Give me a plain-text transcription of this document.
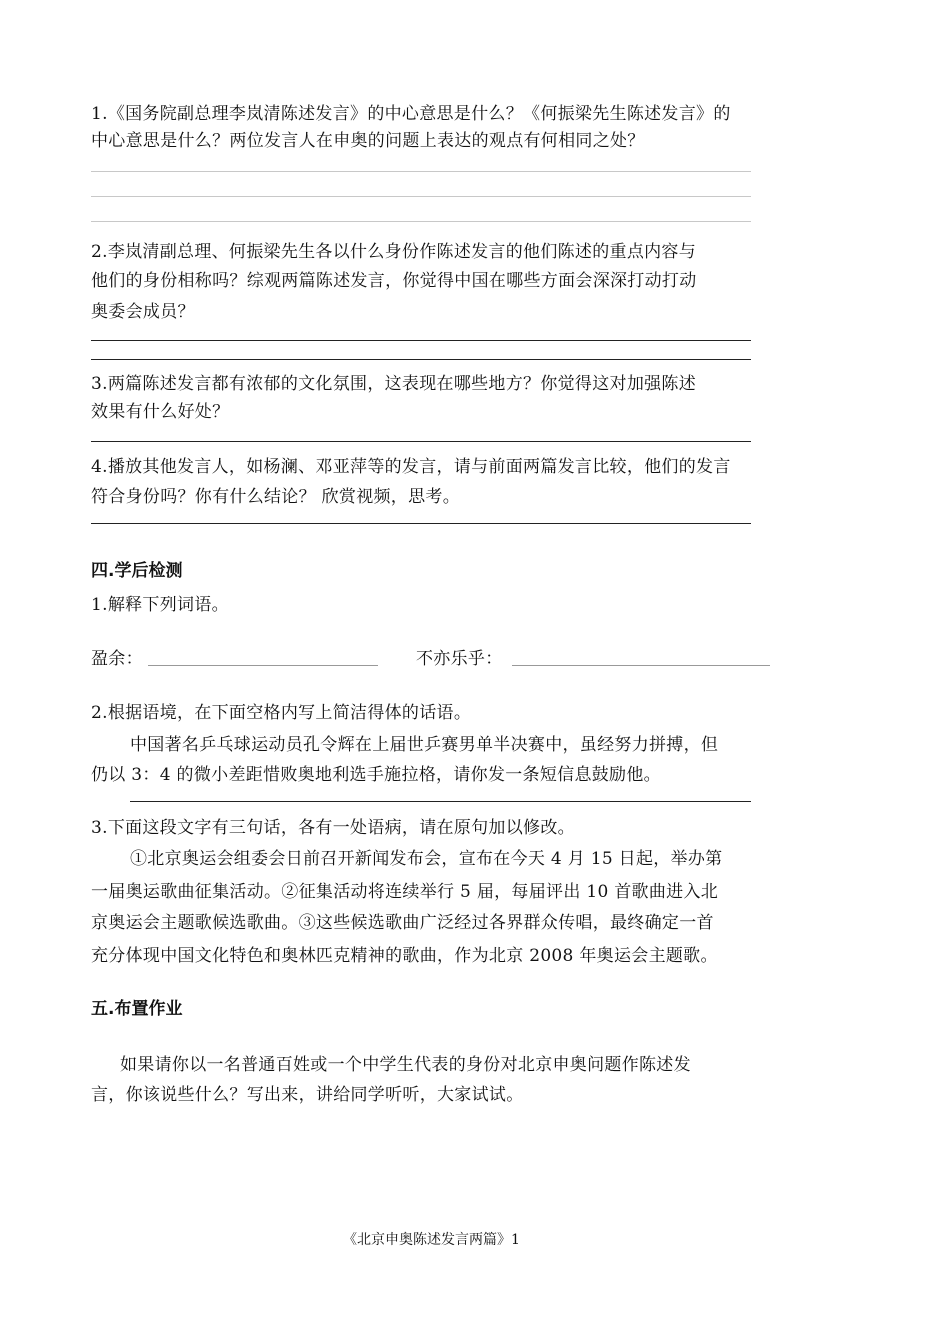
1.《国务院副总理李岚清陈述发言》的中心意思是什么？《何振梁先生陈述发言》的
中心意思是什么？两位发言人在申奥的问题上表达的观点有何相同之处？
2.李岚清副总理、何振梁先生各以什么身份作陈述发言的他们陈述的重点内容与
他们的身份相称吗？综观两篇陈述发言，你觉得中国在哪些方面会深深打动打动
奥委会成员？
3.两篇陈述发言都有浓郁的文化氛围，这表现在哪些地方？你觉得这对加强陈述
效果有什么好处？
4.播放其他发言人，如杨澜、邓亚萍等的发言，请与前面两篇发言比较，他们的发言
符合身份吗？你有什么结论？ 欣赏视频，思考。
四.学后检测
1.解释下列词语。
盈余：	不亦乐乎：
2.根据语境，在下面空格内写上简洁得体的话语。
中国著名乒乓球运动员孔令辉在上届世乒赛男单半决赛中，虽经努力拼搏，但
仍以 3：4 的微小差距惜败奥地利选手施拉格，请你发一条短信息鼓励他。
3.下面这段文字有三句话，各有一处语病，请在原句加以修改。
①北京奥运会组委会日前召开新闻发布会，宣布在今天 4 月 15 日起，举办第
一届奥运歌曲征集活动。②征集活动将连续举行 5 届，每届评出 10 首歌曲进入北
京奥运会主题歌候选歌曲。③这些候选歌曲广泛经过各界群众传唱，最终确定一首
充分体现中国文化特色和奥林匹克精神的歌曲，作为北京 2008 年奥运会主题歌。
五.布置作业
如果请你以一名普通百姓或一个中学生代表的身份对北京申奥问题作陈述发
言，你该说些什么？写出来，讲给同学听听，大家试试。
《北京申奥陈述发言两篇》1
